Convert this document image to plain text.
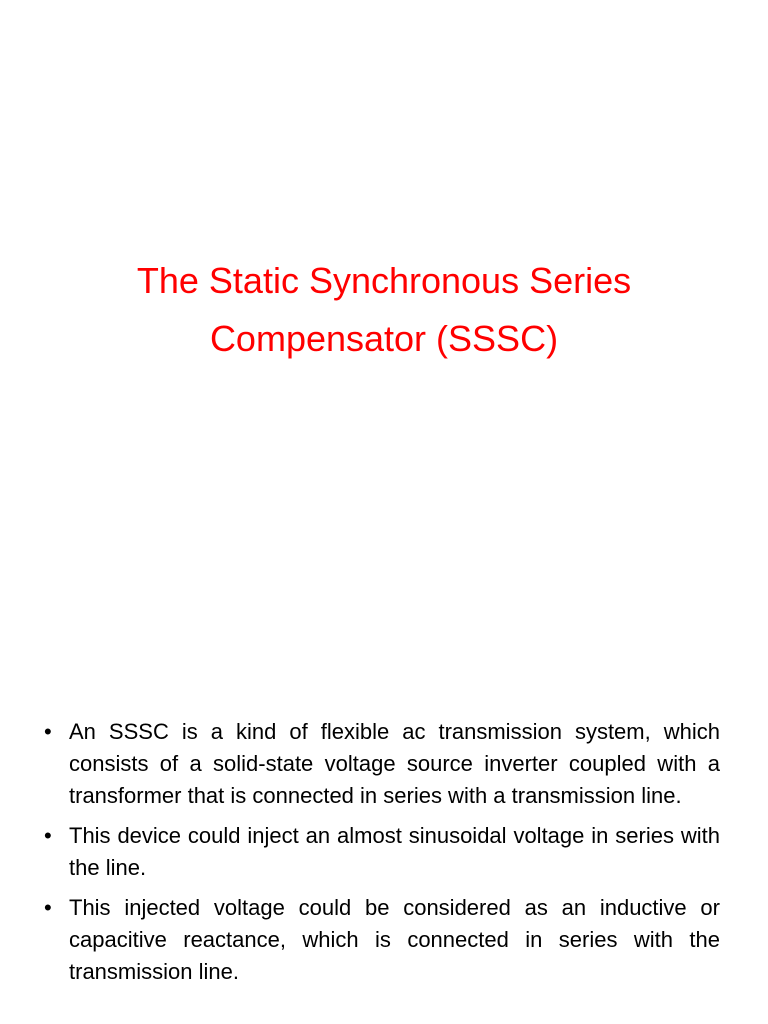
The Static Synchronous Series
Compensator (SSSC)
• An SSSC is a kind of flexible ac transmission system, which consists of a solid-state voltage source inverter coupled with a transformer that is connected in series with a transmission line.
• This device could inject an almost sinusoidal voltage in series with the line.
• This injected voltage could be considered as an inductive or capacitive reactance, which is connected in series with the transmission line.
